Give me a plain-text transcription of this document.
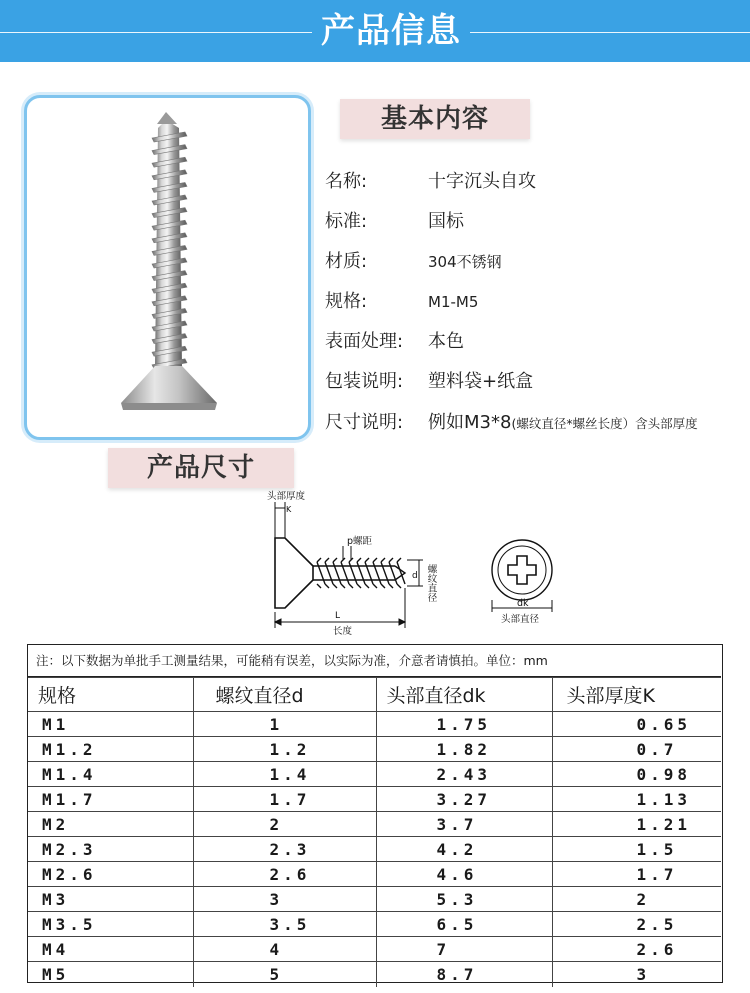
产品信息
基本内容
名称:	十字沉头自攻
标准:	国标
材质:	304不锈钢
规格:	M1-M5
表面处理: 本色
包装说明: 塑料袋+纸盒
尺寸说明: 例如M3*8(螺纹直径*螺丝长度）含头部厚度
产品尺寸
头部厚度
K
p螺距
d 螺纹直径
L
长度
dk
头部直径
注：以下数据为单批手工测量结果，可能稍有误差，以实际为准，介意者请慎拍。单位：mm
规格	螺纹直径d	头部直径dk	头部厚度K
M1	1	1.75	0.65
M1.2	1.2	1.82	0.7
M1.4	1.4	2.43	0.98
M1.7	1.7	3.27	1.13
M2	2	3.7	1.21
M2.3	2.3	4.2	1.5
M2.6	2.6	4.6	1.7
M3	3	5.3	2
M3.5	3.5	6.5	2.5
M4	4	7	2.6
M5	5	8.7	3
